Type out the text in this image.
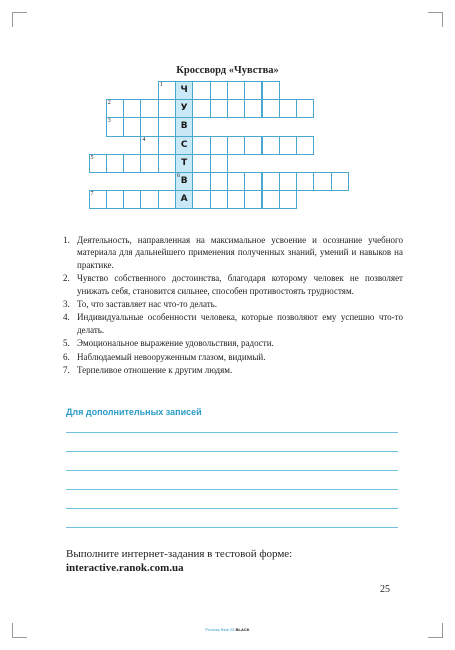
Кроссворд «Чувства»
1	Ч
2	У
3	В
4	С
5	Т
6 В
7	А
1. Деятельность, направленная на максимальное усвоение и осознание учебного материала для дальнейшего применения полученных знаний, умений и навыков на практике.
2. Чувство собственного достоинства, благодаря которому человек не позволяет унижать себя, становится сильнее, способен противостоять трудностям.
3. То, что заставляет нас что-то делать.
4. Индивидуальные особенности человека, которые позволяют ему успешно что-то делать.
5. Эмоциональное выражение удовольствия, радости.
6. Наблюдаемый невооруженным глазом, видимый.
7. Терпеливое отношение к другим людям.
Для дополнительных записей
Выполните интернет-задания в тестовой форме:
interactive.ranok.com.ua
25
Process Blue 25 BLACK
